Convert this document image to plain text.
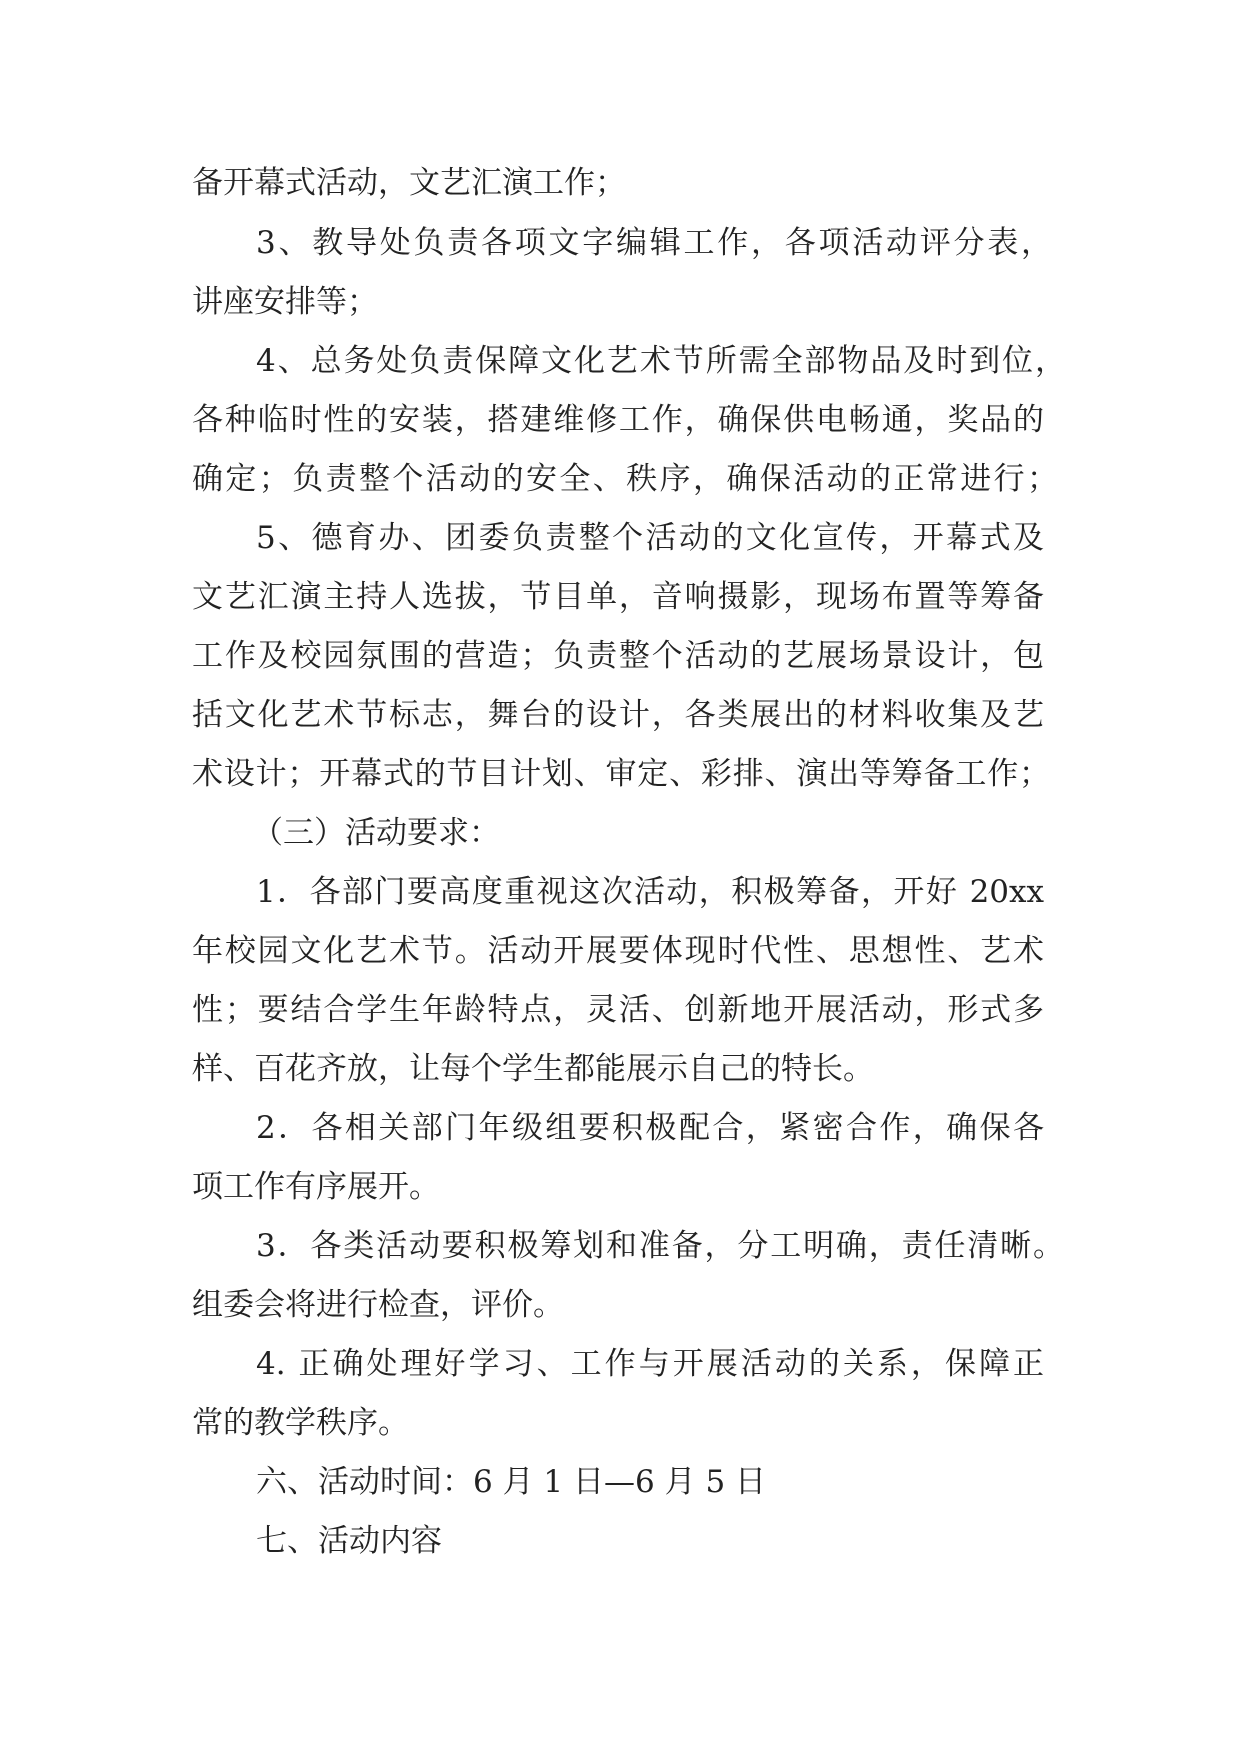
备开幕式活动，文艺汇演工作；
3、教导处负责各项文字编辑工作，各项活动评分表，
讲座安排等；
4、总务处负责保障文化艺术节所需全部物品及时到位，
各种临时性的安装，搭建维修工作，确保供电畅通，奖品的
确定；负责整个活动的安全、秩序，确保活动的正常进行；
5、德育办、团委负责整个活动的文化宣传，开幕式及
文艺汇演主持人选拔，节目单，音响摄影，现场布置等筹备
工作及校园氛围的营造；负责整个活动的艺展场景设计，包
括文化艺术节标志，舞台的设计，各类展出的材料收集及艺
术设计；开幕式的节目计划、审定、彩排、演出等筹备工作；
（三）活动要求：
1．各部门要高度重视这次活动，积极筹备，开好 20xx
年校园文化艺术节。活动开展要体现时代性、思想性、艺术
性；要结合学生年龄特点，灵活、创新地开展活动，形式多
样、百花齐放，让每个学生都能展示自己的特长。
2．各相关部门年级组要积极配合，紧密合作，确保各
项工作有序展开。
3．各类活动要积极筹划和准备，分工明确，责任清晰。
组委会将进行检查，评价。
4. 正确处理好学习、工作与开展活动的关系，保障正
常的教学秩序。
六、活动时间：6 月 1 日—6 月 5 日
七、活动内容
